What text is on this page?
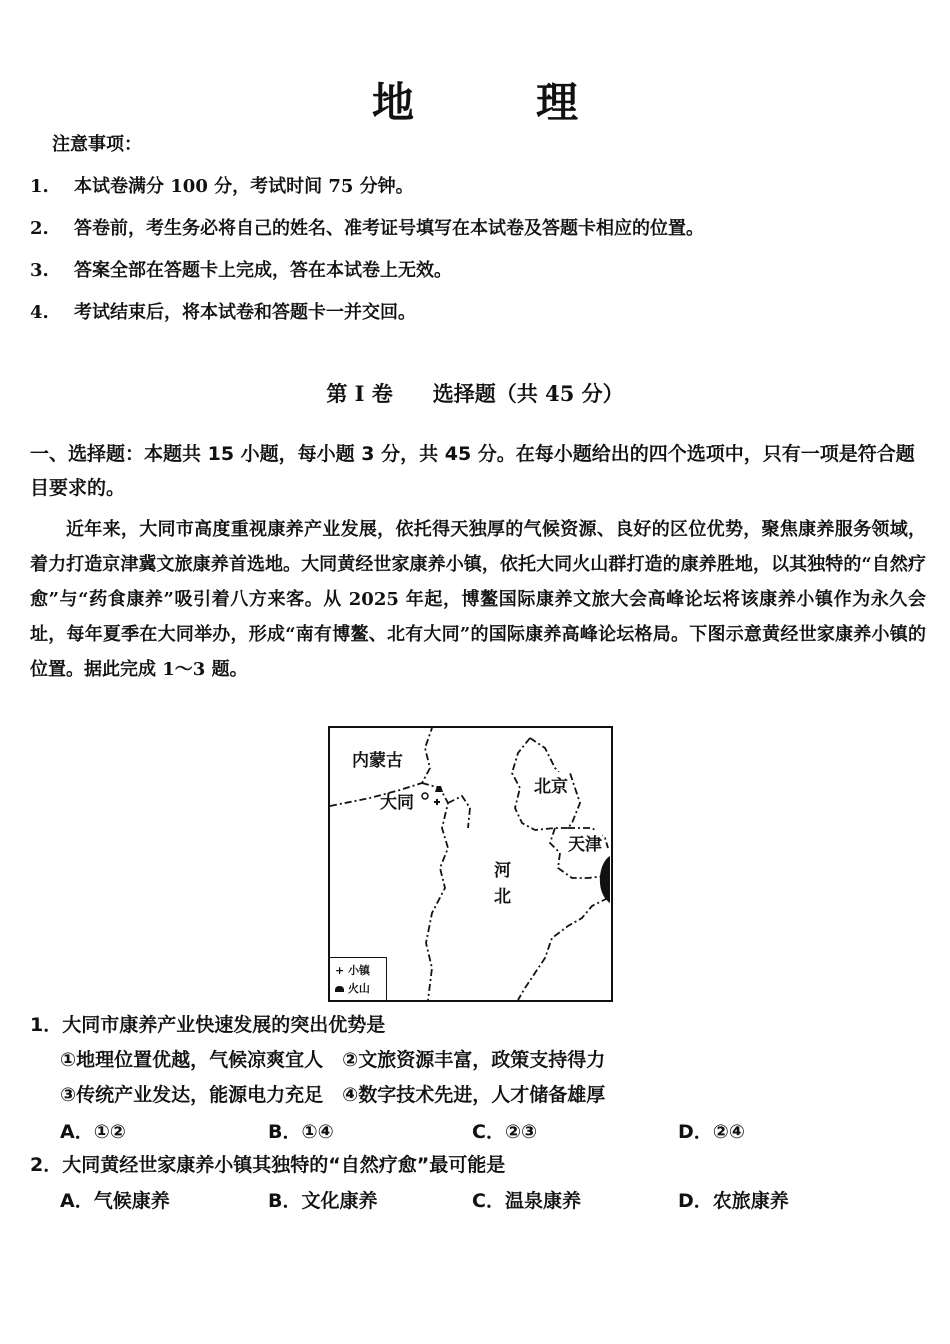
地　理
注意事项：
1. 本试卷满分 100 分，考试时间 75 分钟。
2. 答卷前，考生务必将自己的姓名、准考证号填写在本试卷及答题卡相应的位置。
3. 答案全部在答题卡上完成，答在本试卷上无效。
4. 考试结束后，将本试卷和答题卡一并交回。
第 I 卷 选择题（共 45 分）
一、选择题：本题共 15 小题，每小题 3 分，共 45 分。在每小题给出的四个选项中，只有一项是符合题目要求的。
近年来，大同市高度重视康养产业发展，依托得天独厚的气候资源、良好的区位优势，聚焦康养服务领域，着力打造京津冀文旅康养首选地。大同黄经世家康养小镇，依托大同火山群打造的康养胜地，以其独特的“自然疗愈”与“药食康养”吸引着八方来客。从 2025 年起，博鳌国际康养文旅大会高峰论坛将该康养小镇作为永久会址，每年夏季在大同举办，形成“南有博鳌、北有大同”的国际康养高峰论坛格局。下图示意黄经世家康养小镇的位置。据此完成 1～3 题。
内蒙古
大同
北京
天津
河
北
+ 小镇
火山
1．大同市康养产业快速发展的突出优势是
①地理位置优越，气候凉爽宜人　 ②文旅资源丰富，政策支持得力
③传统产业发达，能源电力充足　 ④数字技术先进，人才储备雄厚
A．①②	B．①④	C．②③	D．②④
2．大同黄经世家康养小镇其独特的“自然疗愈”最可能是
A．气候康养	B．文化康养	C．温泉康养	D．农旅康养
